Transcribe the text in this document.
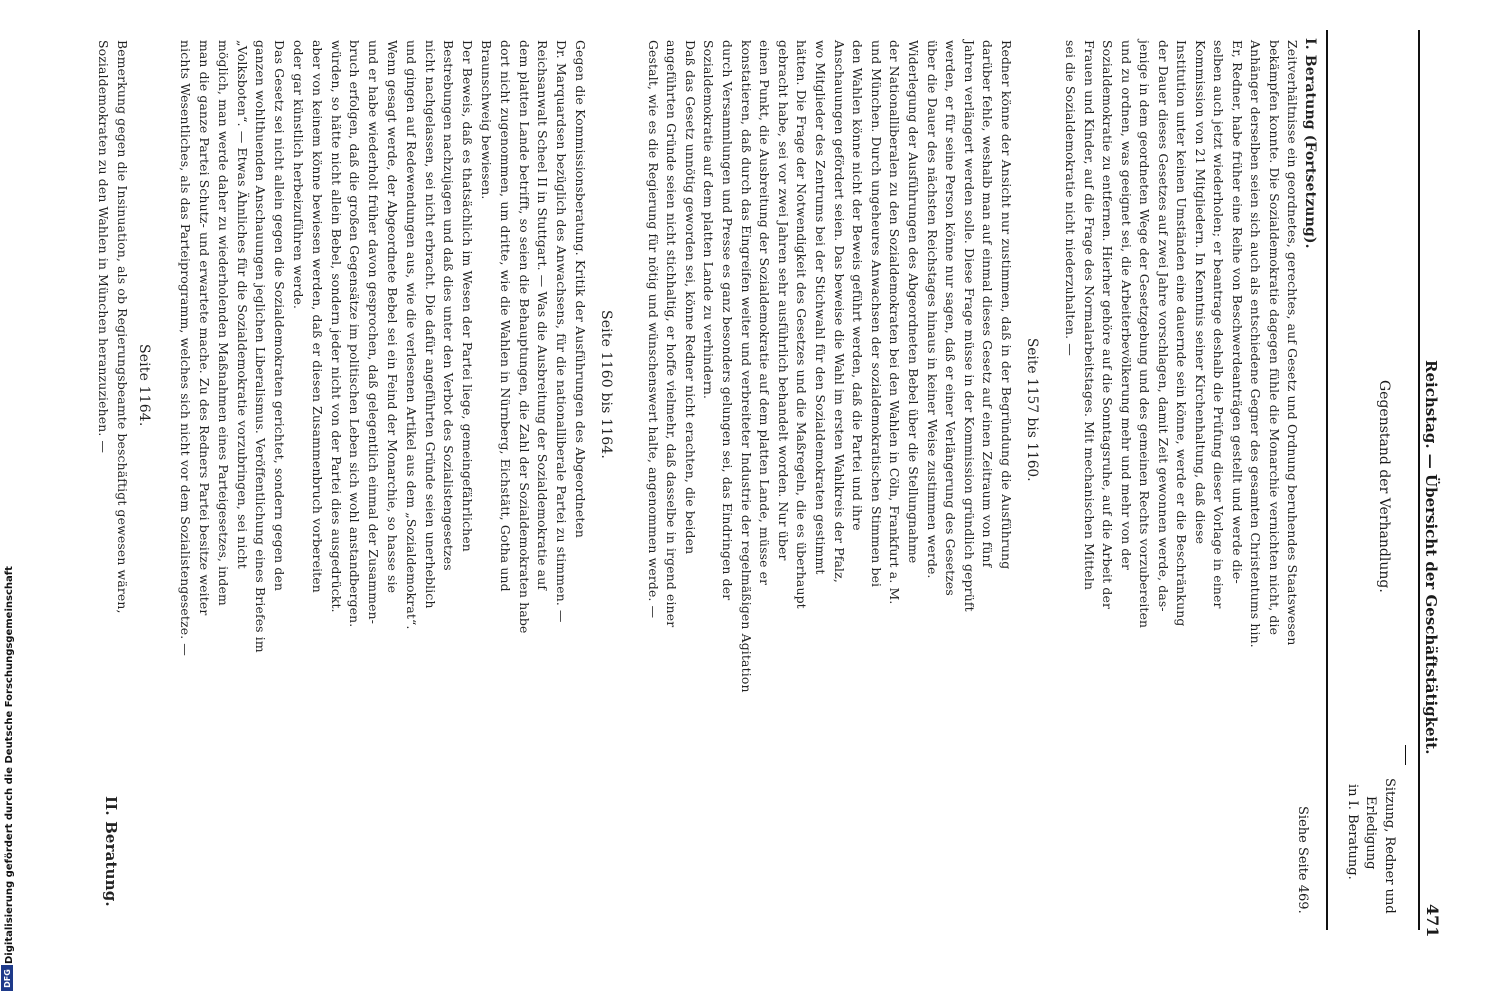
471
Reichstag. — Übersicht der Geschäftstätigkeit.
Gegenstand der Verhandlung.
Sitzung, Redner und
Erledigung
in I. Beratung.
Siehe Seite 469.
I. Beratung (Fortsetzung).
Zeitverhältnisse ein geordnetes, gerechtes, auf Gesetz und Ordnung beruhendes Staatswesen
bekämpfen konnte. Die Sozialdemokratie dagegen fühle die Monarchie vernichten nicht, die
Anhänger derselben seien sich auch als entschiedene Gegner des gesamten Christentums hin.
Er, Redner, habe früher eine Reihe von Beschwerdeanträgen gestellt und werde die-
selben auch jetzt wiederholen; er beantrage deshalb die Prüfung dieser Vorlage in einer
Kommission von 21 Mitgliedern. In Kenntnis seiner Kirchenhaltung, daß diese
Institution unter keinen Umständen eine dauernde sein könne, werde er die Beschränkung
der Dauer dieses Gesetzes auf zwei Jahre vorschlagen, damit Zeit gewonnen werde, das-
jenige in dem geordneten Wege der Gesetzgebung und des gemeinen Rechts vorzubereiten
und zu ordnen, was geeignet sei, die Arbeiterbevölkerung mehr und mehr von der
Sozialdemokratie zu entfernen. Hierher gehöre auf die Sonntagsruhe, auf die Arbeit der
Frauen und Kinder, auf die Frage des Normalarbeitstages. Mit mechanischen Mitteln
sei die Sozialdemokratie nicht niederzuhalten. —
Seite 1157 bis 1160.
Redner könne der Ansicht nur zustimmen, daß in der Begründung die Ausführung
darüber fehle, weshalb man auf einmal dieses Gesetz auf einen Zeitraum von fünf
Jahren verlängert werden solle. Diese Frage müsse in der Kommission gründlich geprüft
werden, er für seine Person könne nur sagen, daß er einer Verlängerung des Gesetzes
über die Dauer des nächsten Reichstages hinaus in keiner Weise zustimmen werde.
Widerlegung der Ausführungen des Abgeordneten Bebel über die Stellungnahme
der Nationalliberalen zu den Sozialdemokraten bei den Wahlen in Cöln, Frankfurt a. M.
und München. Durch ungeheures Anwachsen der sozialdemokratischen Stimmen bei
den Wahlen könne nicht der Beweis geführt werden, daß die Partei und ihre
Anschauungen gefördert seien. Das beweise die Wahl im ersten Wahlkreis der Pfalz,
wo Mitglieder des Zentrums bei der Stichwahl für den Sozialdemokraten gestimmt
hätten. Die Frage der Notwendigkeit des Gesetzes und die Maßregeln, die es überhaupt
gebracht habe, sei vor zwei Jahren sehr ausführlich behandelt worden. Nur über
einen Punkt, die Ausbreitung der Sozialdemokratie auf dem platten Lande, müsse er
konstatieren, daß durch das Eingreifen weiter und verbreiteter Industrie der regelmäßigen Agitation
durch Versammlungen und Presse es ganz besonders gelungen sei, das Eindringen der
Sozialdemokratie auf dem platten Lande zu verhindern.
Daß das Gesetz unnötig geworden sei, könne Redner nicht erachten, die beiden
angeführten Gründe seien nicht stichhaltig, er hoffe vielmehr, daß dasselbe in irgend einer
Gestalt, wie es die Regierung für nötig und wünschenswert halte, angenommen werde. —
Seite 1160 bis 1164.
Gegen die Kommissionsberatung. Kritik der Ausführungen des Abgeordneten
Dr. Marquardsen bezüglich des Anwachsens, für die nationalliberale Partei zu stimmen. —
Reichsanwalt Scheel II in Stuttgart. — Was die Ausbreitung der Sozialdemokratie auf
dem platten Lande betrifft, so seien die Behauptungen, die Zahl der Sozialdemokraten habe
dort nicht zugenommen, um dritte, wie die Wahlen in Nürnberg, Eichstätt, Gotha und
Braunschweig bewiesen.
Der Beweis, daß es thatsächlich im Wesen der Partei liege, gemeingefährlichen
Bestrebungen nachzujagen und daß dies unter den Verbot des Sozialistengesetzes
nicht nachgelassen, sei nicht erbracht. Die dafür angeführten Gründe seien unerheblich
und gingen auf Redewendungen aus, wie die verlesenen Artikel aus dem „Sozialdemokrat“.
Wenn gesagt werde, der Abgeordnete Bebel sei ein Feind der Monarchie, so hasse sie
und er habe wiederholt früher davon gesprochen, daß gelegentlich einmal der Zusammen-
bruch erfolgen, daß die großen Gegensätze im politischen Leben sich wohl anstandbergen.
würden, so hätte nicht allein Bebel, sondern jeder nicht von der Partei dies ausgedrückt.
aber von keinem könne bewiesen werden, daß er diesen Zusammenbruch vorbereiten
oder gar künstlich herbeizuführen werde.
Das Gesetz sei nicht allein gegen die Sozialdemokraten gerichtet, sondern gegen den
ganzen wohlthuenden Anschauungen jeglichen Liberalismus. Veröffentlichung eines Briefes im
„Volksboten“. — Etwas Ähnliches für die Sozialdemokratie vorzubringen, sei nicht
möglich, man werde daher zu wiederholenden Maßnahmen eines Parteigesetzes, indem
man die ganze Partei Schutz- und erwartete mache. Zu des Redners Partei besitze weiter
nichts Wesentliches, als das Parteiprogramm, welches sich nicht vor dem Sozialistengesetze. —
Seite 1164.
II. Beratung.
Bemerkung gegen die Insinuation, als ob Regierungsbeamte beschäftigt gewesen wären,
Sozialdemokraten zu den Wahlen in München heranzuziehen. —
Digitalisierung gefördert durch die Deutsche Forschungsgemeinschaft
DFG
